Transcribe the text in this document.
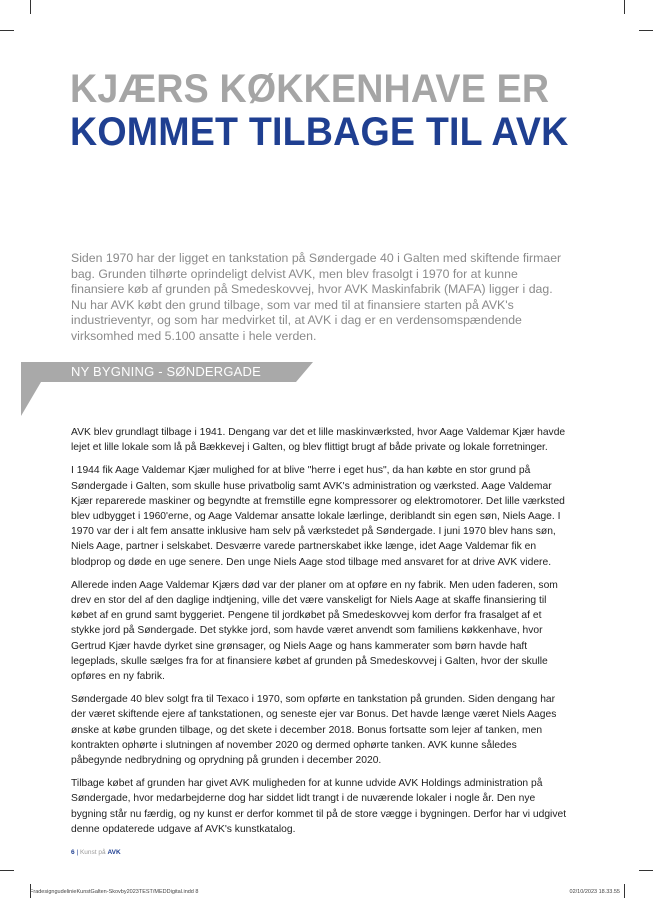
KJÆRS KØKKENHAVE ER
KOMMET TILBAGE TIL AVK

Siden 1970 har der ligget en tankstation på Søndergade 40 i Galten med skiftende firmaer bag. Grunden tilhørte oprindeligt delvist AVK, men blev frasolgt i 1970 for at kunne finansiere køb af grunden på Smedeskovvej, hvor AVK Maskinfabrik (MAFA) ligger i dag. Nu har AVK købt den grund tilbage, som var med til at finansiere starten på AVK's industrieventyr, og som har medvirket til, at AVK i dag er en verdensomspændende virksomhed med 5.100 ansatte i hele verden.

NY BYGNING - SØNDERGADE

AVK blev grundlagt tilbage i 1941. Dengang var det et lille maskinværksted, hvor Aage Valdemar Kjær havde lejet et lille lokale som lå på Bækkevej i Galten, og blev flittigt brugt af både private og lokale forretninger.

I 1944 fik Aage Valdemar Kjær mulighed for at blive "herre i eget hus", da han købte en stor grund på Søndergade i Galten, som skulle huse privatbolig samt AVK's administration og værksted. Aage Valdemar Kjær reparerede maskiner og begyndte at fremstille egne kompressorer og elektromotorer. Det lille værksted blev udbygget i 1960'erne, og Aage Valdemar ansatte lokale lærlinge, deriblandt sin egen søn, Niels Aage. I 1970 var der i alt fem ansatte inklusive ham selv på værkstedet på Søndergade. I juni 1970 blev hans søn, Niels Aage, partner i selskabet. Desværre varede partnerskabet ikke længe, idet Aage Valdemar fik en blodprop og døde en uge senere. Den unge Niels Aage stod tilbage med ansvaret for at drive AVK videre.

Allerede inden Aage Valdemar Kjærs død var der planer om at opføre en ny fabrik. Men uden faderen, som drev en stor del af den daglige indtjening, ville det være vanskeligt for Niels Aage at skaffe finansiering til købet af en grund samt byggeriet. Pengene til jordkøbet på Smedeskovvej kom derfor fra frasalget af et stykke jord på Søndergade. Det stykke jord, som havde været anvendt som familiens køkkenhave, hvor Gertrud Kjær havde dyrket sine grønsager, og Niels Aage og hans kammerater som børn havde haft legeplads, skulle sælges fra for at finansiere købet af grunden på Smedeskovvej i Galten, hvor der skulle opføres en ny fabrik.

Søndergade 40 blev solgt fra til Texaco i 1970, som opførte en tankstation på grunden. Siden dengang har der været skiftende ejere af tankstationen, og seneste ejer var Bonus. Det havde længe været Niels Aages ønske at købe grunden tilbage, og det skete i december 2018. Bonus fortsatte som lejer af tanken, men kontrakten ophørte i slutningen af november 2020 og dermed ophørte tanken. AVK kunne således påbegynde nedbrydning og oprydning på grunden i december 2020.

Tilbage købet af grunden har givet AVK muligheden for at kunne udvide AVK Holdings administration på Søndergade, hvor medarbejderne dog har siddet lidt trangt i de nuværende lokaler i nogle år. Den nye bygning står nu færdig, og ny kunst er derfor kommet til på de store vægge i bygningen. Derfor har vi udgivet denne opdaterede udgave af AVK's kunstkatalog.

6 | Kunst på AVK
FradesigngudelinieKunstGalten-Skovby2023TEST/MEDDigital.indd 8	02/10/2023 18.33.55
